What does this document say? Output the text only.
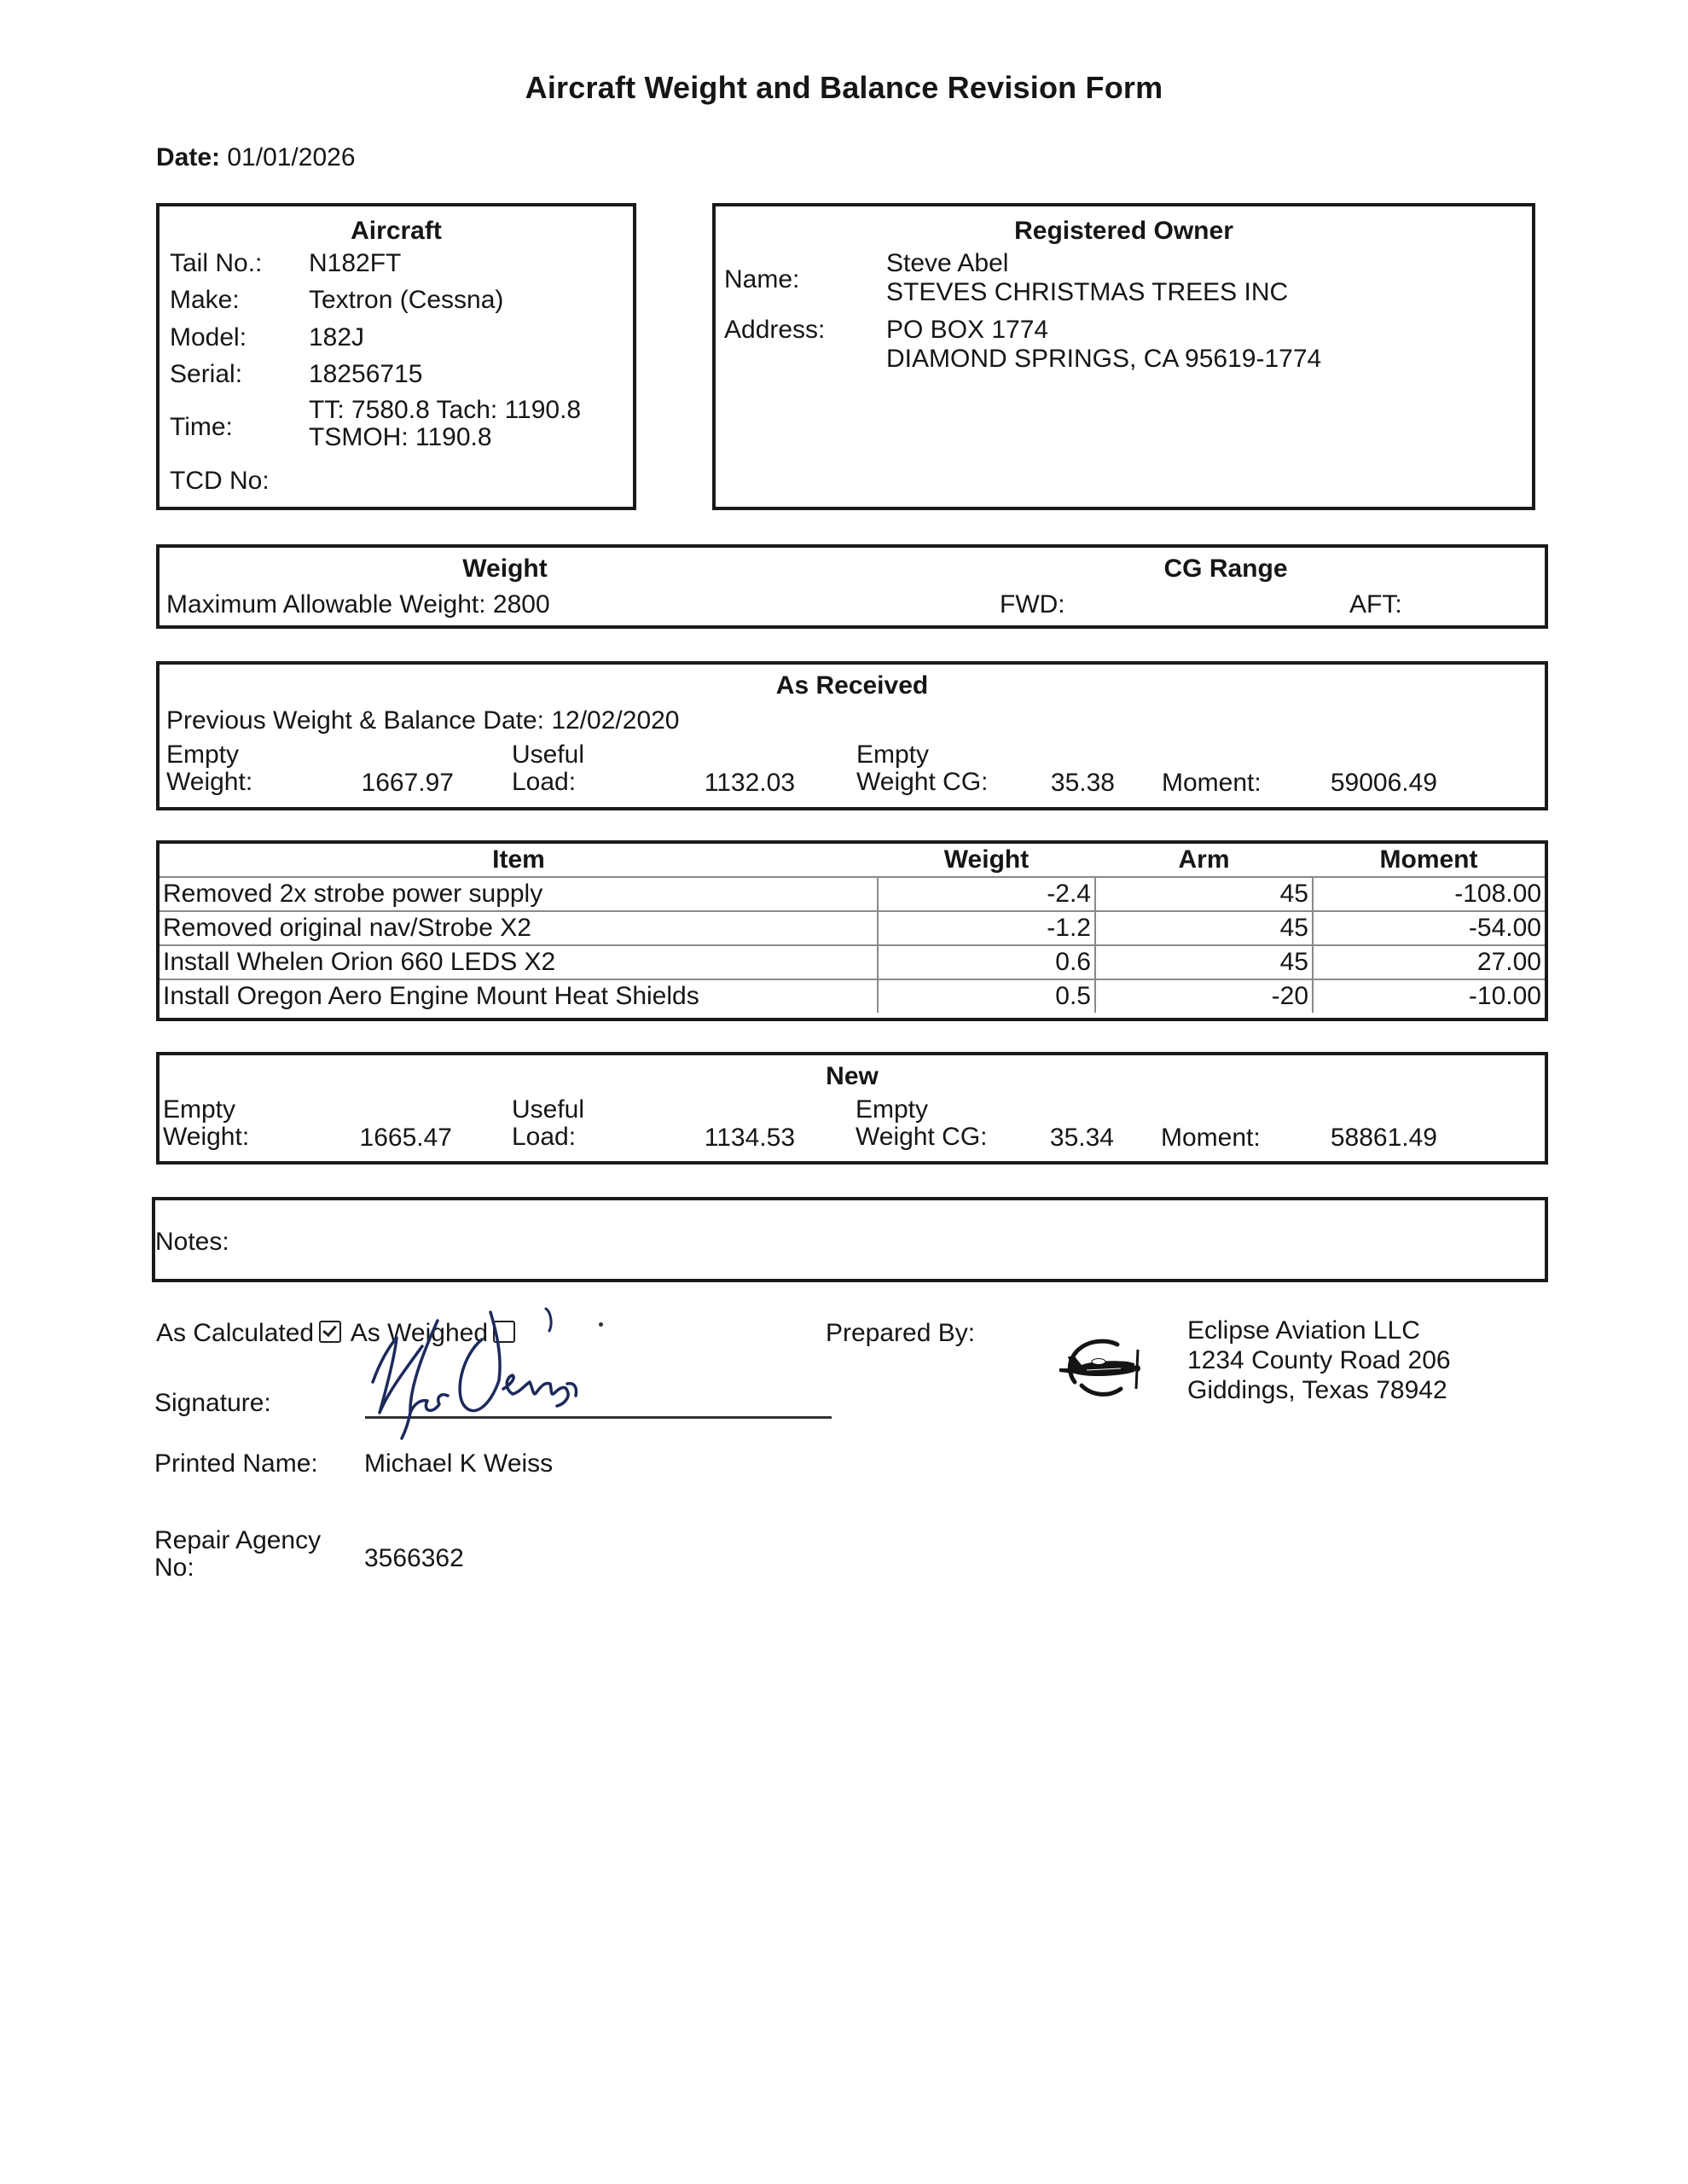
Aircraft Weight and Balance Revision Form
Date: 01/01/2026
Aircraft
Tail No.: N182FT
Make:	Textron (Cessna)
Model: 182J
Serial:	18256715
Time:
TT: 7580.8 Tach: 1190.8
TSMOH: 1190.8
TCD No:
Registered Owner
Name:
Steve Abel
STEVES CHRISTMAS TREES INC
Address: PO BOX 1774
DIAMOND SPRINGS, CA 95619-1774
Weight
Maximum Allowable Weight: 2800
CG Range
FWD:	AFT:
As Received
Previous Weight & Balance Date: 12/02/2020
Empty
Weight:	1667.97
Useful
Load:	1132.03
Empty
Weight CG:	35.38 Moment:	59006.49
Item	Weight	Arm	Moment
Removed 2x strobe power supply	-2.4	45	-108.00
Removed original nav/Strobe X2	-1.2	45	-54.00
Install Whelen Orion 660 LEDS X2	0.6	45	27.00
Install Oregon Aero Engine Mount Heat Shields	0.5	-20	-10.00
New
Empty
Weight:	1665.47
Useful
Load:	1134.53
Empty
Weight CG:	35.34 Moment:	58861.49
Notes:
As Calculated As Weighed
Signature:
Printed Name: Michael K Weiss
Repair Agency
No:	3566362
Prepared By:	Eclipse Aviation LLC
1234 County Road 206
Giddings, Texas 78942
